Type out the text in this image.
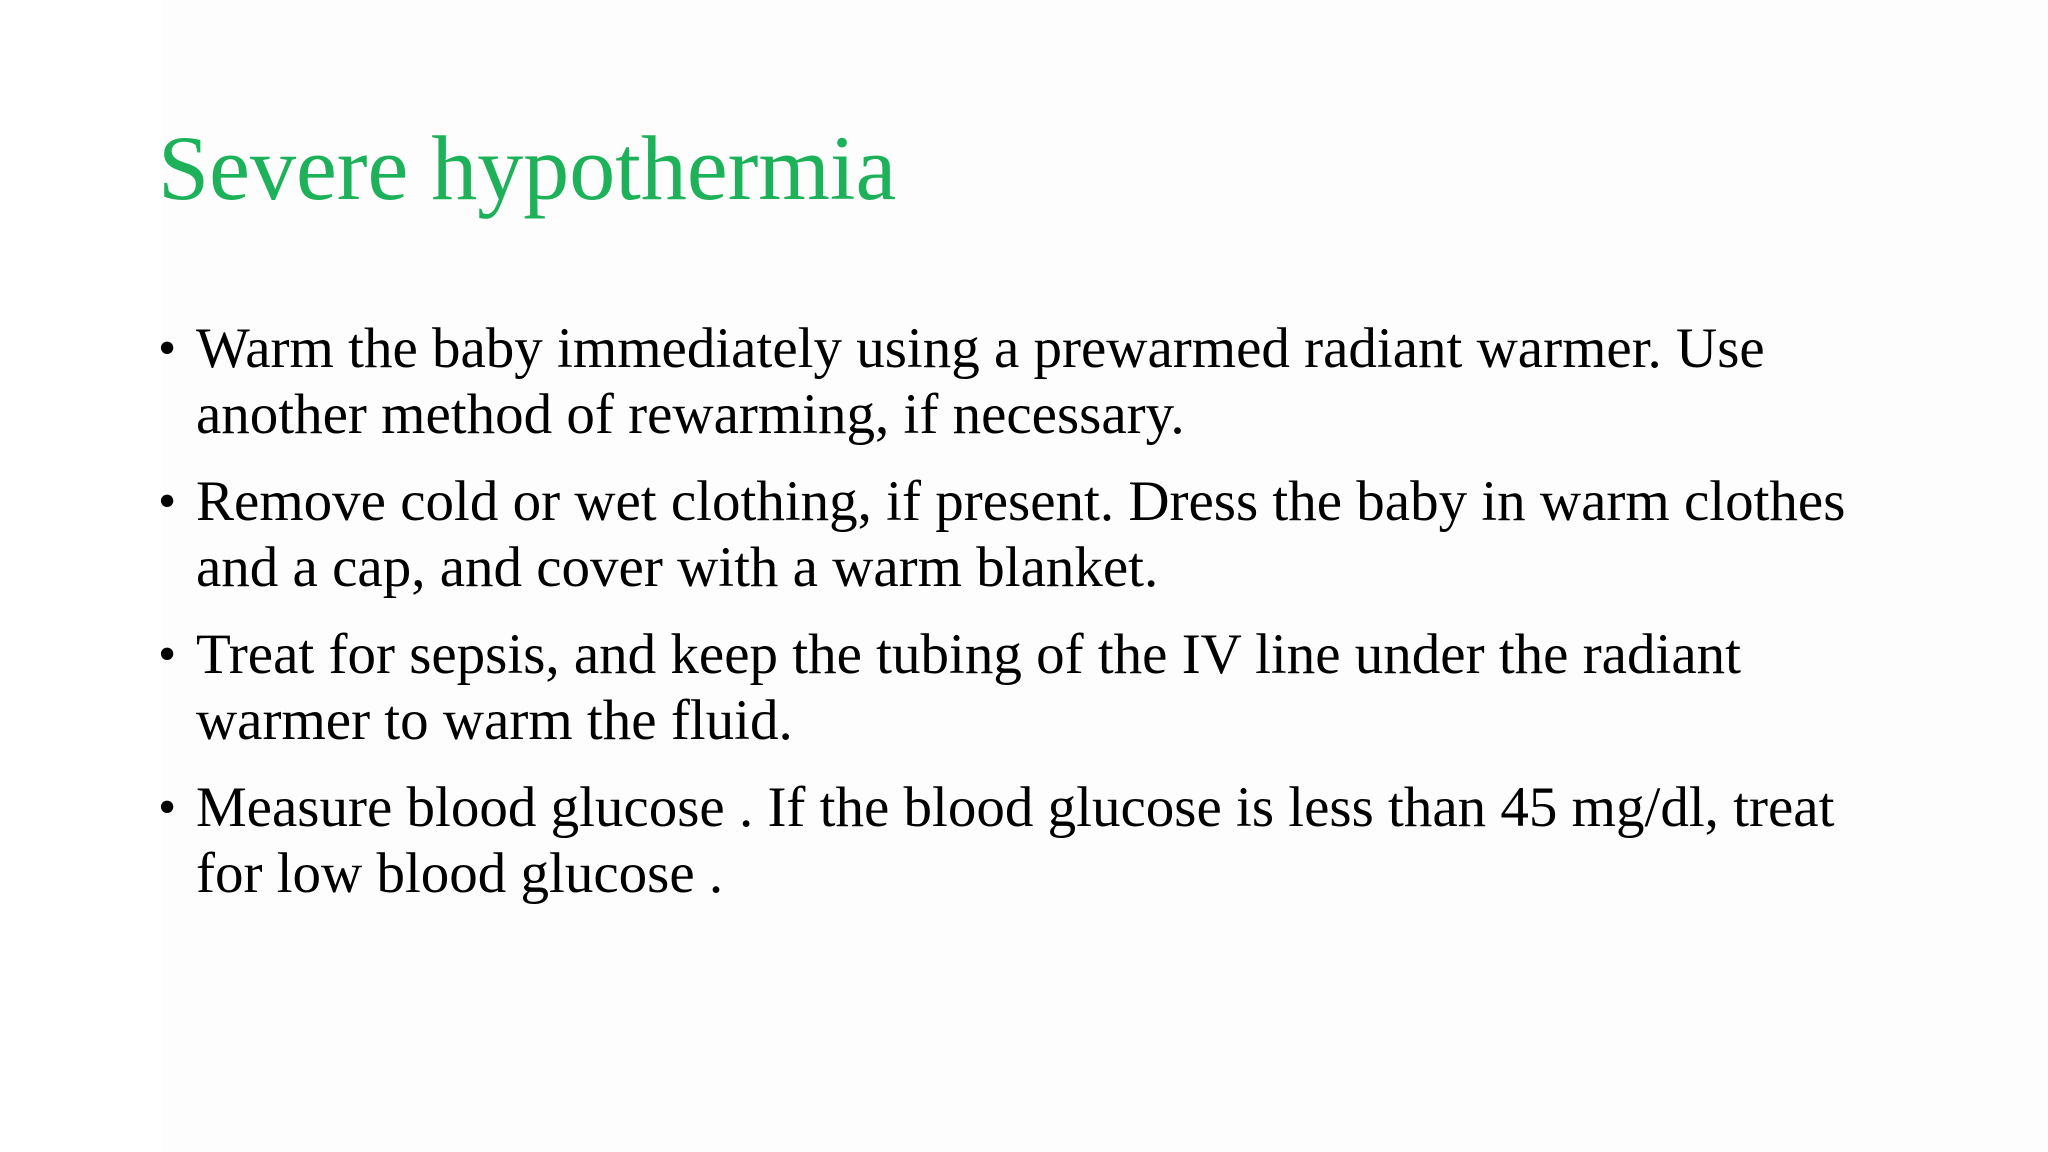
Severe hypothermia
• Warm the baby immediately using a prewarmed radiant warmer. Use another method of rewarming, if necessary.
• Remove cold or wet clothing, if present. Dress the baby in warm clothes and a cap, and cover with a warm blanket.
• Treat for sepsis, and keep the tubing of the IV line under the radiant warmer to warm the fluid.
• Measure blood glucose . If the blood glucose is less than 45 mg/dl, treat for low blood glucose .
